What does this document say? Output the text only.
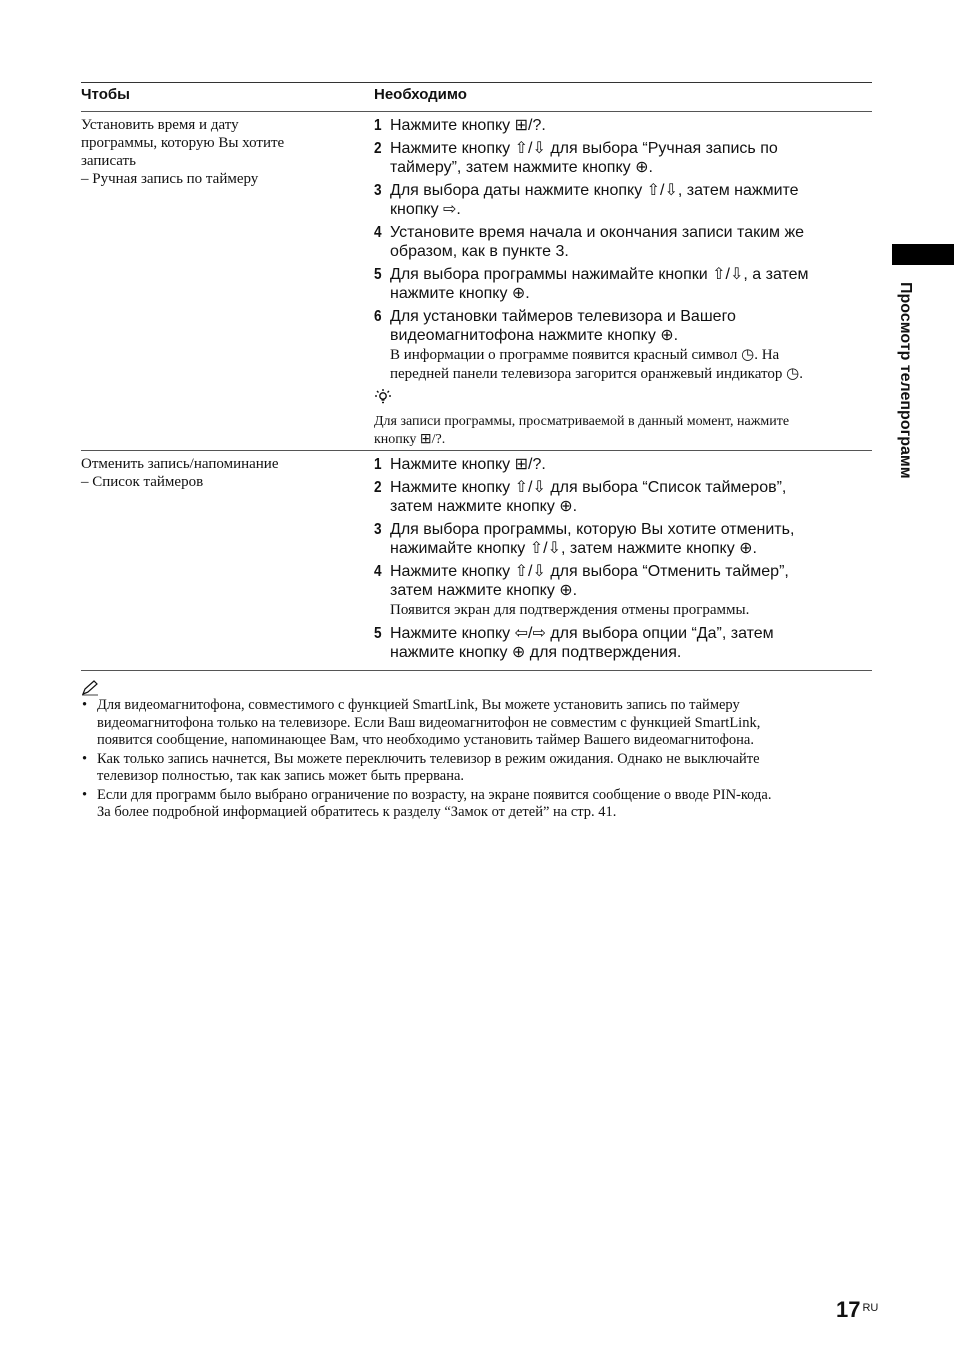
Чтобы	Необходимо
Установить время и дату
программы, которую Вы хотите
записать
– Ручная запись по таймеру
1 Нажмите кнопку ⊞/?.
2 Нажмите кнопку ⇧/⇩ для выбора “Ручная запись по
таймеру”, затем нажмите кнопку ⊕.
3 Для выбора даты нажмите кнопку ⇧/⇩, затем нажмите
кнопку ⇨.
4 Установите время начала и окончания записи таким же
образом, как в пункте 3.
5 Для выбора программы нажимайте кнопки ⇧/⇩, а затем
нажмите кнопку ⊕.
6 Для установки таймеров телевизора и Вашего
видеомагнитофона нажмите кнопку ⊕.
В информации о программе появится красный символ ◷. На
передней панели телевизора загорится оранжевый индикатор ◷.
Для записи программы, просматриваемой в данный момент, нажмите
кнопку ⊞/?.
Отменить запись/напоминание
– Список таймеров
1 Нажмите кнопку ⊞/?.
2 Нажмите кнопку ⇧/⇩ для выбора “Список таймеров”,
затем нажмите кнопку ⊕.
3 Для выбора программы, которую Вы хотите отменить,
нажимайте кнопку ⇧/⇩, затем нажмите кнопку ⊕.
4 Нажмите кнопку ⇧/⇩ для выбора “Отменить таймер”,
затем нажмите кнопку ⊕.
Появится экран для подтверждения отмены программы.
5 Нажмите кнопку ⇦/⇨ для выбора опции “Да”, затем
нажмите кнопку ⊕ для подтверждения.
• Для видеомагнитофона, совместимого с функцией SmartLink, Вы можете установить запись по таймеру
видеомагнитофона только на телевизоре. Если Ваш видеомагнитофон не совместим с функцией SmartLink,
появится сообщение, напоминающее Вам, что необходимо установить таймер Вашего видеомагнитофона.
• Как только запись начнется, Вы можете переключить телевизор в режим ожидания. Однако не выключайте
телевизор полностью, так как запись может быть прервана.
• Если для программ было выбрано ограничение по возрасту, на экране появится сообщение о вводе PIN-кода.
За более подробной информацией обратитесь к разделу “Замок от детей” на стр. 41.
Просмотр телепрограмм
17 $^{RU}$
